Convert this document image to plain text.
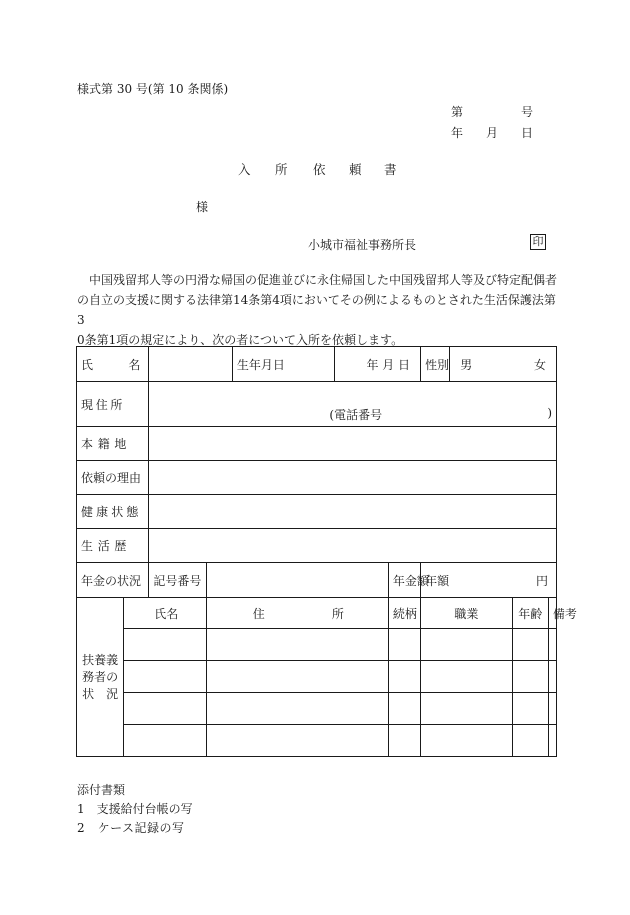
様式第 30 号(第 10 条関係)
第	号
年 月 日
入 所 依 頼 書
様
小城市福祉事務所長	印

中国残留邦人等の円滑な帰国の促進並びに永住帰国した中国残留邦人等及び特定配偶者

の自立の支援に関する法律第14条第4項においてその例によるものとされた生活保護法第3

0条第1項の規定により、次の者について入所を依頼します。

氏 名				生年月日	年 月 日		性別	男 女		

現 住 所		(電話番号 )								

本 籍 地										

依頼の理由										

健 康 状 態										

生 活 歴										

年金の状況		記号番号				年金額	年額 円			

扶養義
務者の
状　況	氏 名		住 所			続柄	職業		年齢	備考

添付書類
1　支援給付台帳の写
2　ケース記録の写
